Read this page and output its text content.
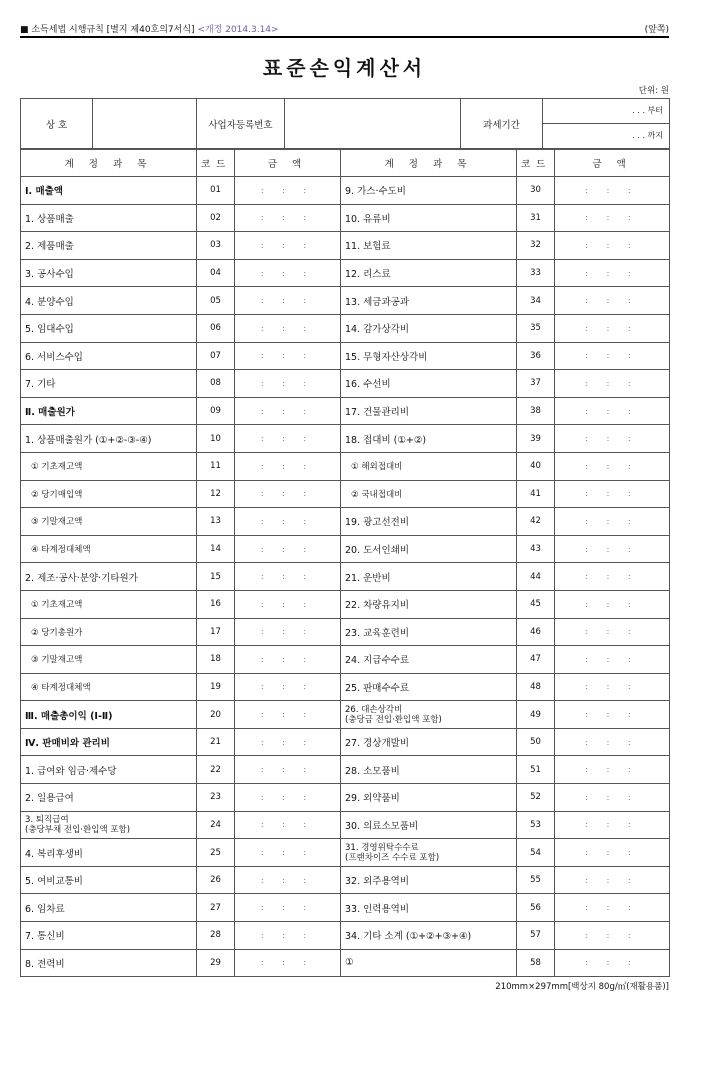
■ 소득세법 시행규칙 [별지 제40호의7서식] <개정 2014.3.14>	(앞쪽)
표준손익계산서
단위: 원
상 호		사업자등록번호		과세기간	
. . . 부터
. . . 까지
계 정 과 목	코드	금 액	계 정 과 목	코드	금 액
Ⅰ. 매출액	01	: : :	9. 가스·수도비	30	: : :
1. 상품매출	02	: : :	10. 유류비	31	: : :
2. 제품매출	03	: : :	11. 보험료	32	: : :
3. 공사수입	04	: : :	12. 리스료	33	: : :
4. 분양수입	05	: : :	13. 세금과공과	34	: : :
5. 임대수입	06	: : :	14. 감가상각비	35	: : :
6. 서비스수입	07	: : :	15. 무형자산상각비	36	: : :
7. 기타	08	: : :	16. 수선비	37	: : :
Ⅱ. 매출원가	09	: : :	17. 건물관리비	38	: : :
1. 상품매출원가 (①+②-③-④)	10	: : :	18. 접대비 (①+②)	39	: : :
① 기초재고액	11	: : :	① 해외접대비	40	: : :
② 당기매입액	12	: : :	② 국내접대비	41	: : :
③ 기말재고액	13	: : :	19. 광고선전비	42	: : :
④ 타계정대체액	14	: : :	20. 도서인쇄비	43	: : :
2. 제조·공사·분양·기타원가	15	: : :	21. 운반비	44	: : :
① 기초재고액	16	: : :	22. 차량유지비	45	: : :
② 당기총원가	17	: : :	23. 교육훈련비	46	: : :
③ 기말재고액	18	: : :	24. 지급수수료	47	: : :
④ 타계정대체액	19	: : :	25. 판매수수료	48	: : :
Ⅲ. 매출총이익 (Ⅰ-Ⅱ)	20	: : :	26. 대손상각비
(충당금 전입·환입액 포함)	49	: : :
Ⅳ. 판매비와 관리비	21	: : :	27. 경상개발비	50	: : :
1. 급여와 임금·제수당	22	: : :	28. 소모품비	51	: : :
2. 일용급여	23	: : :	29. 외약품비	52	: : :
3. 퇴직급여
(충당부채 전입·환입액 포함)	24	: : :	30. 의료소모품비	53	: : :
4. 복리후생비	25	: : :	31. 경영위탁수수료
(프랜차이즈 수수료 포함)	54	: : :
5. 여비교통비	26	: : :	32. 외주용역비	55	: : :
6. 임차료	27	: : :	33. 인력용역비	56	: : :
7. 통신비	28	: : :	34. 기타 소계 (①+②+③+④)	57	: : :
8. 전력비	29	: : :	①	58	: : :
210mm×297mm[백상지 80g/㎡(재활용품)]
